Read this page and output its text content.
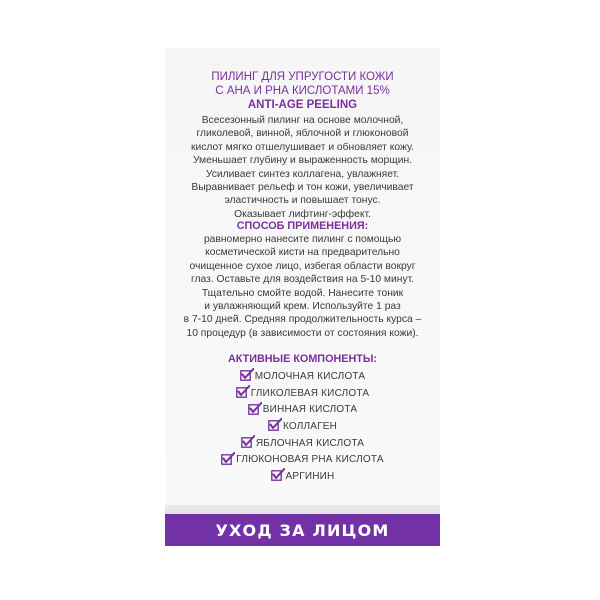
ПИЛИНГ ДЛЯ УПРУГОСТИ КОЖИ
С АНА И РНА КИСЛОТАМИ 15%
ANTI-AGE PEELING
Всесезонный пилинг на основе молочной,
гликолевой, винной, яблочной и глюконовой
кислот мягко отшелушивает и обновляет кожу.
Уменьшает глубину и выраженность морщин.
Усиливает синтез коллагена, увлажняет.
Выравнивает рельеф и тон кожи, увеличивает
эластичность и повышает тонус.
Оказывает лифтинг-эффект.
СПОСОБ ПРИМЕНЕНИЯ:
равномерно нанесите пилинг с помощью
косметической кисти на предварительно
очищенное сухое лицо, избегая области вокруг
глаз. Оставьте для воздействия на 5-10 минут.
Тщательно смойте водой. Нанесите тоник
и увлажняющий крем. Используйте 1 раз
в 7-10 дней. Средняя продолжительность курса –
10 процедур (в зависимости от состояния кожи).
АКТИВНЫЕ КОМПОНЕНТЫ:
МОЛОЧНАЯ КИСЛОТА
ГЛИКОЛЕВАЯ КИСЛОТА
ВИННАЯ КИСЛОТА
КОЛЛАГЕН
ЯБЛОЧНАЯ КИСЛОТА
ГЛЮКОНОВАЯ РНА КИСЛОТА
АРГИНИН
УХОД ЗА ЛИЦОМ
